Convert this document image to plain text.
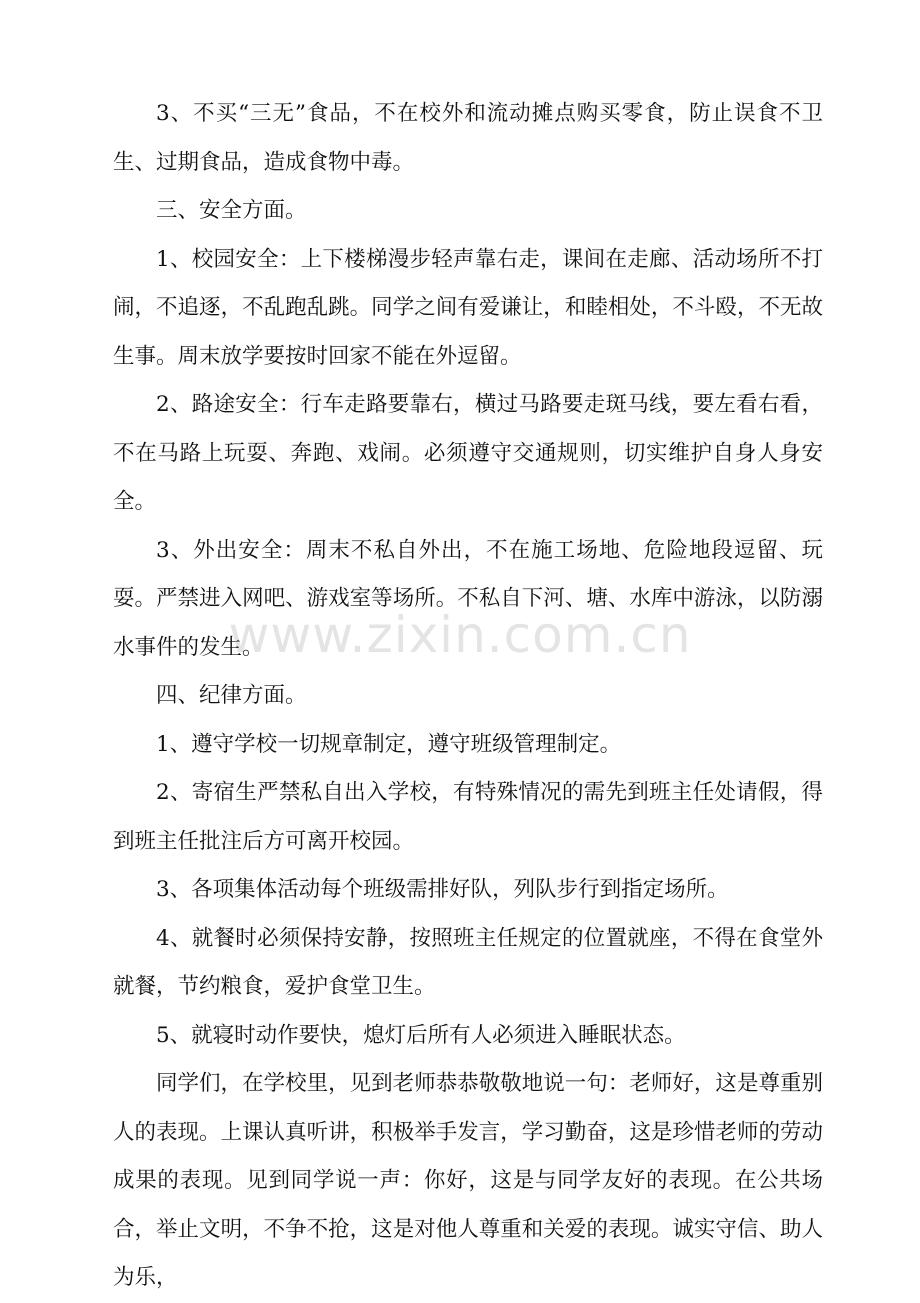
3、不买“三无”食品，不在校外和流动摊点购买零食，防止误食不卫生、过期食品，造成食物中毒。

三、安全方面。

1、校园安全：上下楼梯漫步轻声靠右走，课间在走廊、活动场所不打闹，不追逐，不乱跑乱跳。同学之间有爱谦让，和睦相处，不斗殴，不无故生事。周末放学要按时回家不能在外逗留。

2、路途安全：行车走路要靠右，横过马路要走斑马线，要左看右看，不在马路上玩耍、奔跑、戏闹。必须遵守交通规则，切实维护自身人身安全。

3、外出安全：周末不私自外出，不在施工场地、危险地段逗留、玩耍。严禁进入网吧、游戏室等场所。不私自下河、塘、水库中游泳，以防溺水事件的发生。

四、纪律方面。

1、遵守学校一切规章制定，遵守班级管理制定。

2、寄宿生严禁私自出入学校，有特殊情况的需先到班主任处请假，得到班主任批注后方可离开校园。

3、各项集体活动每个班级需排好队，列队步行到指定场所。

4、就餐时必须保持安静，按照班主任规定的位置就座，不得在食堂外就餐，节约粮食，爱护食堂卫生。

5、就寝时动作要快，熄灯后所有人必须进入睡眠状态。

同学们，在学校里，见到老师恭恭敬敬地说一句：老师好，这是尊重别人的表现。上课认真听讲，积极举手发言，学习勤奋，这是珍惜老师的劳动成果的表现。见到同学说一声：你好，这是与同学友好的表现。在公共场合，举止文明，不争不抢，这是对他人尊重和关爱的表现。诚实守信、助人为乐，

www.zixin.com.cn
